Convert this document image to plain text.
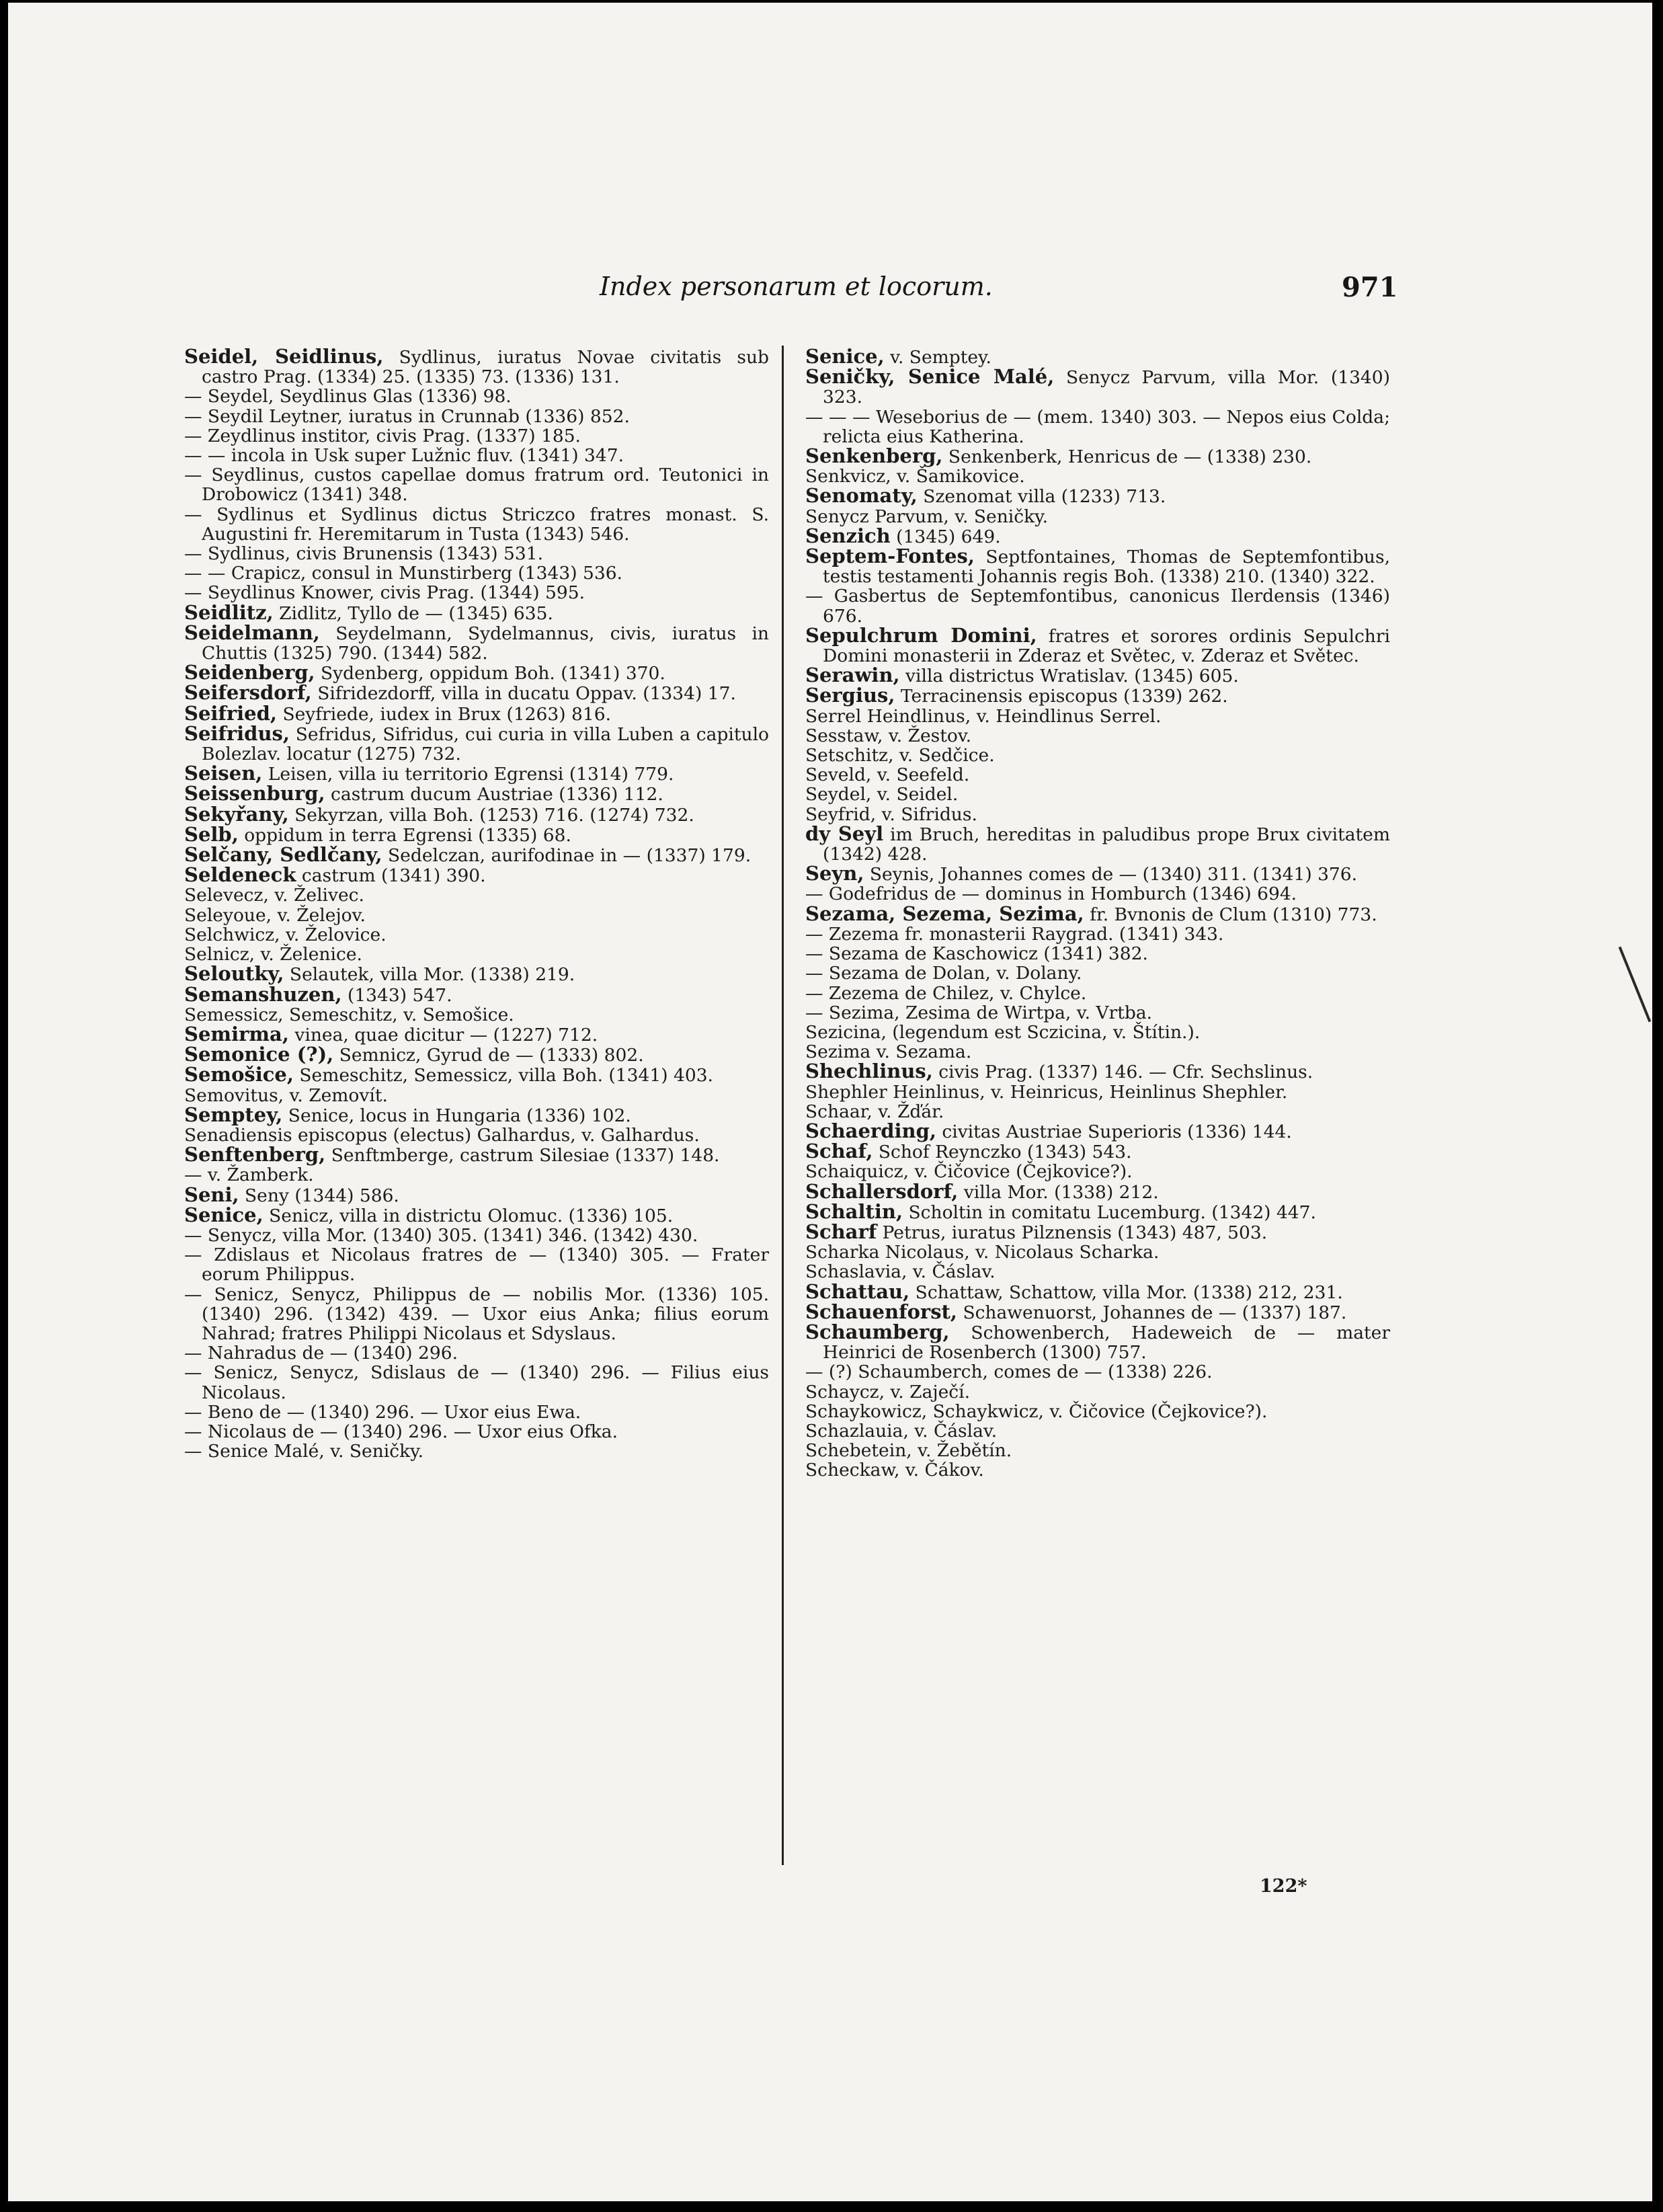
Index personarum et locorum.	971

Seidel, Seidlinus, Sydlinus, iuratus Novae civitatis sub castro Prag. (1334) 25. (1335) 73. (1336) 131.

— Seydel, Seydlinus Glas (1336) 98.

— Seydil Leytner, iuratus in Crunnab (1336) 852.

— Zeydlinus institor, civis Prag. (1337) 185.

— — incola in Usk super Lužnic fluv. (1341) 347.

— Seydlinus, custos capellae domus fratrum ord. Teutonici in Drobowicz (1341) 348.

— Sydlinus et Sydlinus dictus Striczco fratres monast. S. Augustini fr. Heremitarum in Tusta (1343) 546.

— Sydlinus, civis Brunensis (1343) 531.

— — Crapicz, consul in Munstirberg (1343) 536.

— Seydlinus Knower, civis Prag. (1344) 595.

Seidlitz, Zidlitz, Tyllo de — (1345) 635.

Seidelmann, Seydelmann, Sydelmannus, civis, iuratus in Chuttis (1325) 790. (1344) 582.

Seidenberg, Sydenberg, oppidum Boh. (1341) 370.

Seifersdorf, Sifridezdorff, villa in ducatu Oppav. (1334) 17.

Seifried, Seyfriede, iudex in Brux (1263) 816.

Seifridus, Sefridus, Sifridus, cui curia in villa Luben a capitulo Bolezlav. locatur (1275) 732.

Seisen, Leisen, villa iu territorio Egrensi (1314) 779.

Seissenburg, castrum ducum Austriae (1336) 112.

Sekyřany, Sekyrzan, villa Boh. (1253) 716. (1274) 732.

Selb, oppidum in terra Egrensi (1335) 68.

Selčany, Sedlčany, Sedelczan, aurifodinae in — (1337) 179.

Seldeneck castrum (1341) 390.

Selevecz, v. Želivec.

Seleyoue, v. Želejov.

Selchwicz, v. Želovice.

Selnicz, v. Želenice.

Seloutky, Selautek, villa Mor. (1338) 219.

Semanshuzen, (1343) 547.

Semessicz, Semeschitz, v. Semošice.

Semirma, vinea, quae dicitur — (1227) 712.

Semonice (?), Semnicz, Gyrud de — (1333) 802.

Semošice, Semeschitz, Semessicz, villa Boh. (1341) 403.

Semovitus, v. Zemovít.

Semptey, Senice, locus in Hungaria (1336) 102.

Senadiensis episcopus (electus) Galhardus, v. Galhardus.

Senftenberg, Senftmberge, castrum Silesiae (1337) 148.

— v. Žamberk.

Seni, Seny (1344) 586.

Senice, Senicz, villa in districtu Olomuc. (1336) 105.

— Senycz, villa Mor. (1340) 305. (1341) 346. (1342) 430.

— Zdislaus et Nicolaus fratres de — (1340) 305. — Frater eorum Philippus.

— Senicz, Senycz, Philippus de — nobilis Mor. (1336) 105. (1340) 296. (1342) 439. — Uxor eius Anka; filius eorum Nahrad; fratres Philippi Nicolaus et Sdyslaus.

— Nahradus de — (1340) 296.

— Senicz, Senycz, Sdislaus de — (1340) 296. — Filius eius Nicolaus.

— Beno de — (1340) 296. — Uxor eius Ewa.

— Nicolaus de — (1340) 296. — Uxor eius Ofka.

— Senice Malé, v. Seničky.

Senice, v. Semptey.

Seničky, Senice Malé, Senycz Parvum, villa Mor. (1340) 323.

— — — Weseborius de — (mem. 1340) 303. — Nepos eius Colda; relicta eius Katherina.

Senkenberg, Senkenberk, Henricus de — (1338) 230.

Senkvicz, v. Šamikovice.

Senomaty, Szenomat villa (1233) 713.

Senycz Parvum, v. Seničky.

Senzich (1345) 649.

Septem-Fontes, Septfontaines, Thomas de Septemfontibus, testis testamenti Johannis regis Boh. (1338) 210. (1340) 322.

— Gasbertus de Septemfontibus, canonicus Ilerdensis (1346) 676.

Sepulchrum Domini, fratres et sorores ordinis Sepulchri Domini monasterii in Zderaz et Světec, v. Zderaz et Světec.

Serawin, villa districtus Wratislav. (1345) 605.

Sergius, Terracinensis episcopus (1339) 262.

Serrel Heindlinus, v. Heindlinus Serrel.

Sesstaw, v. Žestov.

Setschitz, v. Sedčice.

Seveld, v. Seefeld.

Seydel, v. Seidel.

Seyfrid, v. Sifridus.

dy Seyl im Bruch, hereditas in paludibus prope Brux civitatem (1342) 428.

Seyn, Seynis, Johannes comes de — (1340) 311. (1341) 376.

— Godefridus de — dominus in Homburch (1346) 694.

Sezama, Sezema, Sezima, fr. Bvnonis de Clum (1310) 773.

— Zezema fr. monasterii Raygrad. (1341) 343.

— Sezama de Kaschowicz (1341) 382.

— Sezama de Dolan, v. Dolany.

— Zezema de Chilez, v. Chylce.

— Sezima, Zesima de Wirtpa, v. Vrtba.

Sezicina, (legendum est Sczicina, v. Štítin.).

Sezima v. Sezama.

Shechlinus, civis Prag. (1337) 146. — Cfr. Sechslinus.

Shephler Heinlinus, v. Heinricus, Heinlinus Shephler.

Schaar, v. Žďár.

Schaerding, civitas Austriae Superioris (1336) 144.

Schaf, Schof Reynczko (1343) 543.

Schaiquicz, v. Čičovice (Čejkovice?).

Schallersdorf, villa Mor. (1338) 212.

Schaltin, Scholtin in comitatu Lucemburg. (1342) 447.

Scharf Petrus, iuratus Pilznensis (1343) 487, 503.

Scharka Nicolaus, v. Nicolaus Scharka.

Schaslavia, v. Čáslav.

Schattau, Schattaw, Schattow, villa Mor. (1338) 212, 231.

Schauenforst, Schawenuorst, Johannes de — (1337) 187.

Schaumberg, Schowenberch, Hadeweich de — mater Heinrici de Rosenberch (1300) 757.

— (?) Schaumberch, comes de — (1338) 226.

Schaycz, v. Zaječí.

Schaykowicz, Schaykwicz, v. Čičovice (Čejkovice?).

Schazlauia, v. Čáslav.

Schebetein, v. Žebětín.

Scheckaw, v. Čákov.

122*
